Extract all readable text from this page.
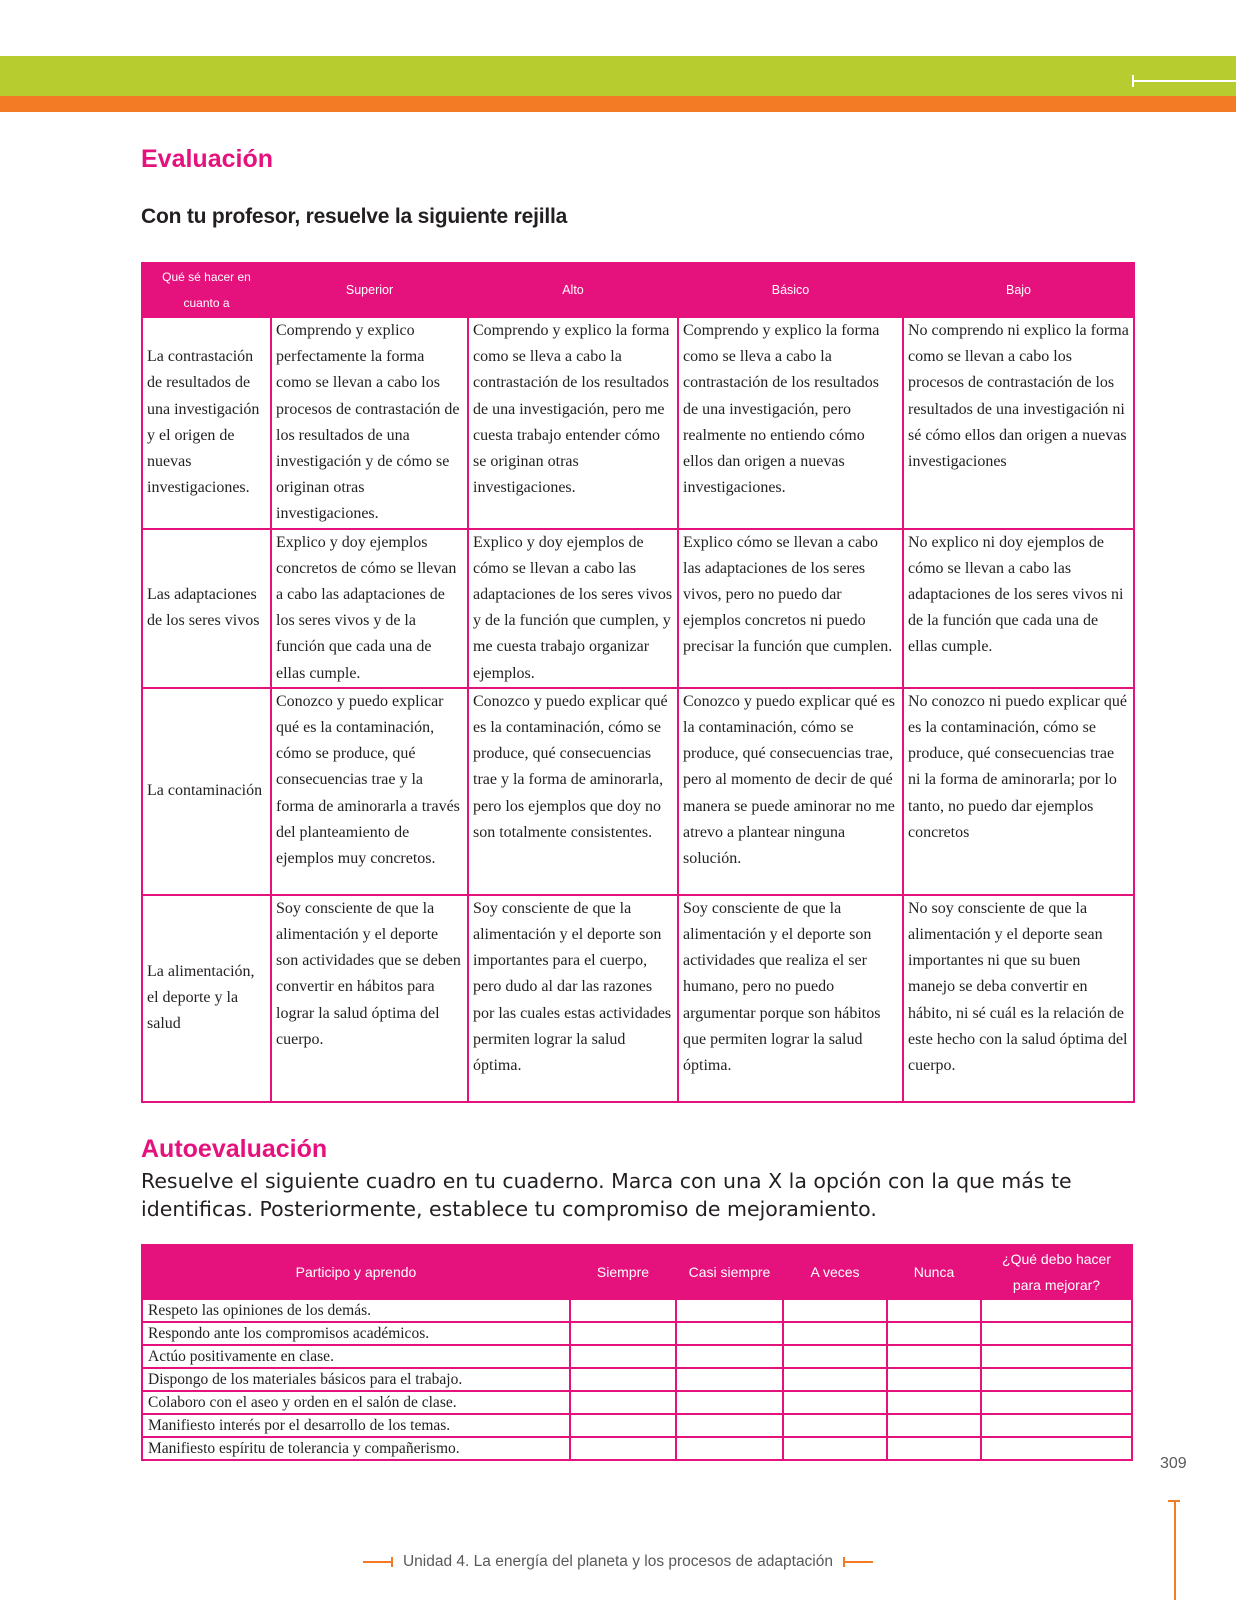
Evaluación

Con tu profesor, resuelve la siguiente rejilla

Qué sé hacer en cuanto a	Superior	Alto	Básico	Bajo
La contrastación de resultados de una investigación y el origen de nuevas investigaciones.	Comprendo y explico perfectamente la forma como se llevan a cabo los procesos de contrastación de los resultados de una investigación y de cómo se originan otras investigaciones.	Comprendo y explico la forma como se lleva a cabo la contrastación de los resultados de una investigación, pero me cuesta trabajo entender cómo se originan otras investigaciones.	Comprendo y explico la forma como se lleva a cabo la contrastación de los resultados de una investigación, pero realmente no entiendo cómo ellos dan origen a nuevas investigaciones.	No comprendo ni explico la forma como se llevan a cabo los procesos de contrastación de los resultados de una investigación ni sé cómo ellos dan origen a nuevas investigaciones
Las adaptaciones de los seres vivos	Explico y doy ejemplos concretos de cómo se llevan a cabo las adaptaciones de los seres vivos y de la función que cada una de ellas cumple.	Explico y doy ejemplos de cómo se llevan a cabo las adaptaciones de los seres vivos y de la función que cumplen, y me cuesta trabajo organizar ejemplos.	Explico cómo se llevan a cabo las adaptaciones de los seres vivos, pero no puedo dar ejemplos concretos ni puedo precisar la función que cumplen.	No explico ni doy ejemplos de cómo se llevan a cabo las adaptaciones de los seres vivos ni de la función que cada una de ellas cumple.
La contaminación	Conozco y puedo explicar qué es la contaminación, cómo se produce, qué consecuencias trae y la forma de aminorarla a través del planteamiento de ejemplos muy concretos.	Conozco y puedo explicar qué es la contaminación, cómo se produce, qué consecuencias trae y la forma de aminorarla, pero los ejemplos que doy no son totalmente consistentes.	Conozco y puedo explicar qué es la contaminación, cómo se produce, qué consecuencias trae, pero al momento de decir de qué manera se puede aminorar no me atrevo a plantear ninguna solución.	No conozco ni puedo explicar qué es la contaminación, cómo se produce, qué consecuencias trae ni la forma de aminorarla; por lo tanto, no puedo dar ejemplos concretos
La alimentación, el deporte y la salud	Soy consciente de que la alimentación y el deporte son actividades que se deben convertir en hábitos para lograr la salud óptima del cuerpo.	Soy consciente de que la alimentación y el deporte son importantes para el cuerpo, pero dudo al dar las razones por las cuales estas actividades permiten lograr la salud óptima.	Soy consciente de que la alimentación y el deporte son actividades que realiza el ser humano, pero no puedo argumentar porque son hábitos que permiten lograr la salud óptima.	No soy consciente de que la alimentación y el deporte sean importantes ni que su buen manejo se deba convertir en hábito, ni sé cuál es la relación de este hecho con la salud óptima del cuerpo.
Autoevaluación

Resuelve el siguiente cuadro en tu cuaderno. Marca con una X la opción con la que más te identificas. Posteriormente, establece tu compromiso de mejoramiento.

Participo y aprendo	Siempre	Casi siempre	A veces	Nunca	¿Qué debo hacer para mejorar?
Respeto las opiniones de los demás.					
Respondo ante los compromisos académicos.					
Actúo positivamente en clase.					
Dispongo de los materiales básicos para el trabajo.					
Colaboro con el aseo y orden en el salón de clase.					
Manifiesto interés por el desarrollo de los temas.					
Manifiesto espíritu de tolerancia y compañerismo.					

309

Unidad 4. La energía del planeta y los procesos de adaptación
